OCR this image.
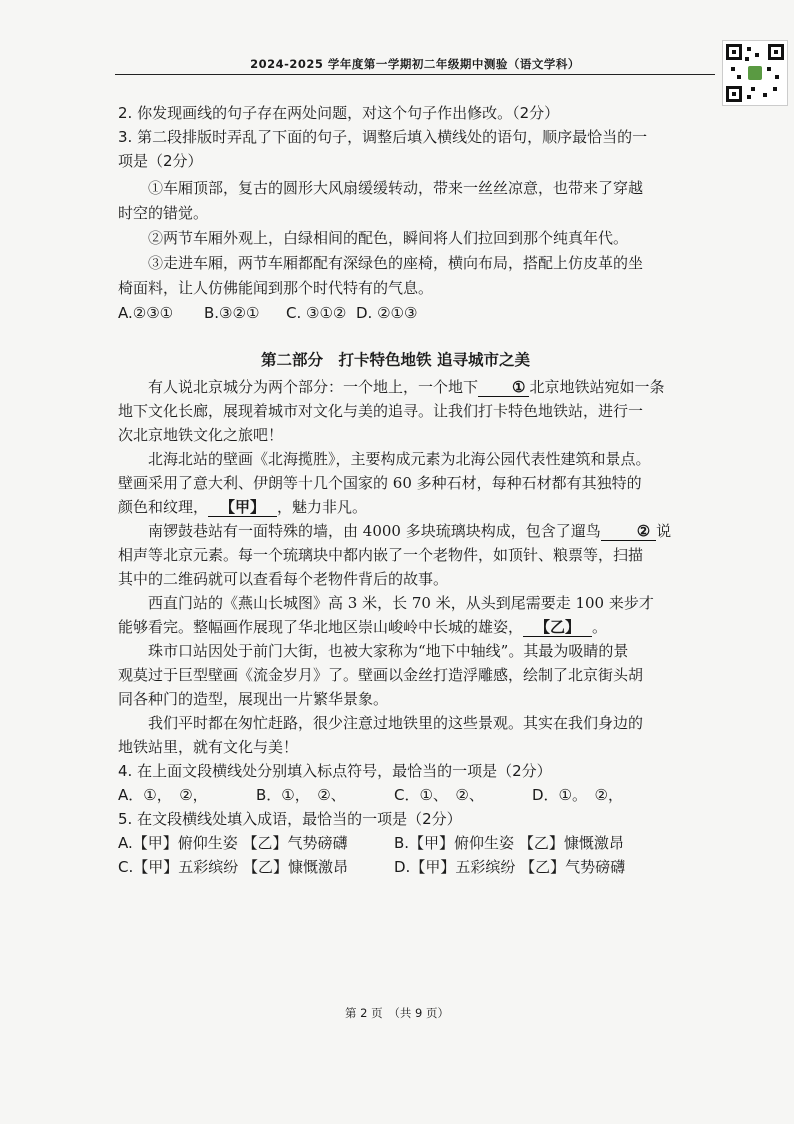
2024-2025 学年度第一学期初二年级期中测验（语文学科）
2. 你发现画线的句子存在两处问题，对这个句子作出修改。（2分）
3. 第二段排版时弄乱了下面的句子，调整后填入横线处的语句，顺序最恰当的一
项是（2分）
①车厢顶部，复古的圆形大风扇缓缓转动，带来一丝丝凉意，也带来了穿越
时空的错觉。
②两节车厢外观上，白绿相间的配色，瞬间将人们拉回到那个纯真年代。
③走进车厢，两节车厢都配有深绿色的座椅，横向布局，搭配上仿皮革的坐
椅面料，让人仿佛能闻到那个时代特有的气息。
A.②③①	B.③②①	C. ③①② D. ②①③
第二部分　打卡特色地铁 追寻城市之美
有人说北京城分为两个部分：一个地上，一个地下 ① 北京地铁站宛如一条
地下文化长廊，展现着城市对文化与美的追寻。让我们打卡特色地铁站，进行一
次北京地铁文化之旅吧！
北海北站的壁画《北海揽胜》，主要构成元素为北海公园代表性建筑和景点。
壁画采用了意大利、伊朗等十几个国家的 60 多种石材，每种石材都有其独特的
颜色和纹理， 【甲】 ，魅力非凡。
南锣鼓巷站有一面特殊的墙，由 4000 多块琉璃块构成，包含了遛鸟 ② 说
相声等北京元素。每一个琉璃块中都内嵌了一个老物件，如顶针、粮票等，扫描
其中的二维码就可以查看每个老物件背后的故事。
西直门站的《燕山长城图》高 3 米，长 70 米，从头到尾需要走 100 来步才
能够看完。整幅画作展现了华北地区崇山峻岭中长城的雄姿， 【乙】 。
珠市口站因处于前门大街，也被大家称为“地下中轴线”。其最为吸睛的景
观莫过于巨型壁画《流金岁月》了。壁画以金丝打造浮雕感，绘制了北京街头胡
同各种门的造型，展现出一片繁华景象。
我们平时都在匆忙赶路，很少注意过地铁里的这些景观。其实在我们身边的
地铁站里，就有文化与美！
4. 在上面文段横线处分别填入标点符号，最恰当的一项是（2分）
A．①，　②，	B．①，　②、	C．①、　②、	D．①。　②，
5. 在文段横线处填入成语，最恰当的一项是（2分）
A.【甲】俯仰生姿 【乙】气势磅礴	B.【甲】俯仰生姿 【乙】慷慨激昂
C.【甲】五彩缤纷 【乙】慷慨激昂	D.【甲】五彩缤纷 【乙】气势磅礴
第 2 页　（共 9 页）
